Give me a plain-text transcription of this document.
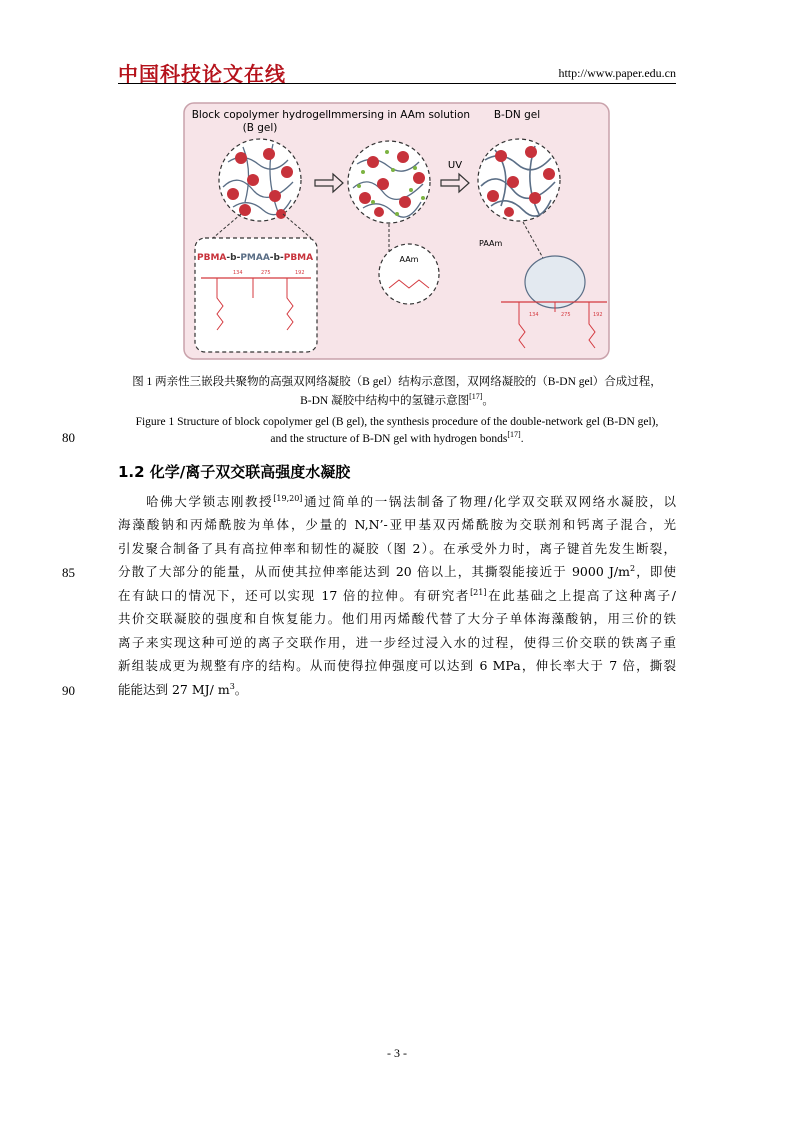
中国科技论文在线	http://www.paper.edu.cn
Block copolymer hydrogel
(B gel)
Immersing in AAm solution B-DN gel
UV
PBMA-b-PMAA-b-PBMA
134	275	192
AAm
PAAm
134	275	192
图 1 两亲性三嵌段共聚物的高强双网络凝胶（B gel）结构示意图，双网络凝胶的（B-DN gel）合成过程，
B-DN 凝胶中结构中的氢键示意图[17]。
Figure 1 Structure of block copolymer gel (B gel), the synthesis procedure of the double-network gel (B-DN gel),
and the structure of B-DN gel with hydrogen bonds[17].
80
1.2 化学/离子双交联高强度水凝胶
哈佛大学锁志刚教授[19,20]通过简单的一锅法制备了物理/化学双交联双网络水凝胶，以
海藻酸钠和丙烯酰胺为单体，少量的 N,N’-亚甲基双丙烯酰胺为交联剂和钙离子混合，光
引发聚合制备了具有高拉伸率和韧性的凝胶（图 2）。在承受外力时，离子键首先发生断裂，
分散了大部分的能量，从而使其拉伸率能达到 20 倍以上，其撕裂能接近于 9000 $J/m^2$，即使
在有缺口的情况下，还可以实现 17 倍的拉伸。有研究者[21]在此基础之上提高了这种离子/
共价交联凝胶的强度和自恢复能力。他们用丙烯酸代替了大分子单体海藻酸钠，用三价的铁
离子来实现这种可逆的离子交联作用，进一步经过浸入水的过程，使得三价交联的铁离子重
新组装成更为规整有序的结构。从而使得拉伸强度可以达到 6 MPa，伸长率大于 7 倍，撕裂
能能达到 27 MJ/ $m^3$。
85
90
- 3 -
